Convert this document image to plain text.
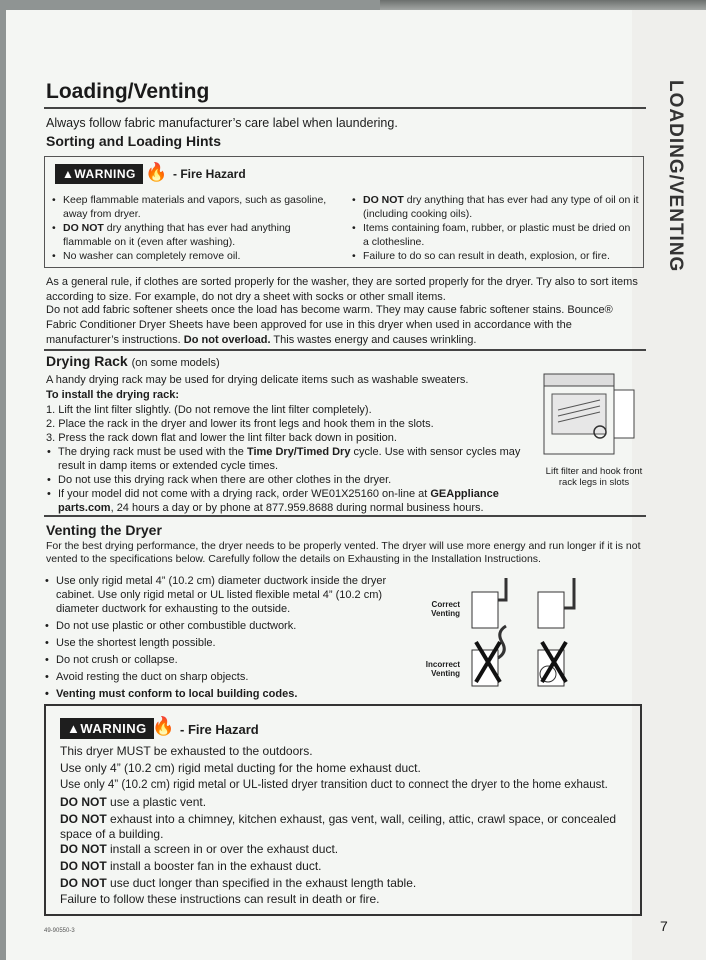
LOADING/VENTING
Loading/Venting

Always follow fabric manufacturer’s care label when laundering.

Sorting and Loading Hints

▲WARNING 🔥 - Fire Hazard
• Keep flammable materials and vapors, such as gasoline, away from dryer.
• DO NOT dry anything that has ever had anything flammable on it (even after washing).
• No washer can completely remove oil.
• DO NOT dry anything that has ever had any type of oil on it (including cooking oils).
• Items containing foam, rubber, or plastic must be dried on a clothesline.
• Failure to do so can result in death, explosion, or fire.

As a general rule, if clothes are sorted properly for the washer, they are sorted properly for the dryer. Try also to sort items according to size. For example, do not dry a sheet with socks or other small items.

Do not add fabric softener sheets once the load has become warm. They may cause fabric softener stains. Bounce® Fabric Conditioner Dryer Sheets have been approved for use in this dryer when used in accordance with the manufacturer’s instructions. Do not overload. This wastes energy and causes wrinkling.

Drying Rack (on some models)

A handy drying rack may be used for drying delicate items such as washable sweaters.

To install the drying rack:

1. Lift the lint filter slightly. (Do not remove the lint filter completely).

2. Place the rack in the dryer and lower its front legs and hook them in the slots.

3. Press the rack down flat and lower the lint filter back down in position.

• The drying rack must be used with the Time Dry/Timed Dry cycle. Use with sensor cycles may result in damp items or extended cycle times.
• Do not use this drying rack when there are other clothes in the dryer.
• If your model did not come with a drying rack, order WE01X25160 on-line at GEAppliance parts.com, 24 hours a day or by phone at 877.959.8688 during normal business hours.

Lift filter and hook front rack legs in slots

Venting the Dryer

For the best drying performance, the dryer needs to be properly vented. The dryer will use more energy and run longer if it is not vented to the specifications below. Carefully follow the details on Exhausting in the Installation Instructions.

• Use only rigid metal 4” (10.2 cm) diameter ductwork inside the dryer cabinet. Use only rigid metal or UL listed flexible metal 4” (10.2 cm) diameter ductwork for exhausting to the outside.
• Do not use plastic or other combustible ductwork.
• Use the shortest length possible.
• Do not crush or collapse.
• Avoid resting the duct on sharp objects.
• Venting must conform to local building codes.

Correct Venting

Incorrect Venting

▲WARNING 🔥 - Fire Hazard

This dryer MUST be exhausted to the outdoors.

Use only 4” (10.2 cm) rigid metal ducting for the home exhaust duct.

Use only 4” (10.2 cm) rigid metal or UL-listed dryer transition duct to connect the dryer to the home exhaust.

DO NOT use a plastic vent.

DO NOT exhaust into a chimney, kitchen exhaust, gas vent, wall, ceiling, attic, crawl space, or concealed space of a building.

DO NOT install a screen in or over the exhaust duct.

DO NOT install a booster fan in the exhaust duct.

DO NOT use duct longer than specified in the exhaust length table.

Failure to follow these instructions can result in death or fire.

49-90550-3	7
